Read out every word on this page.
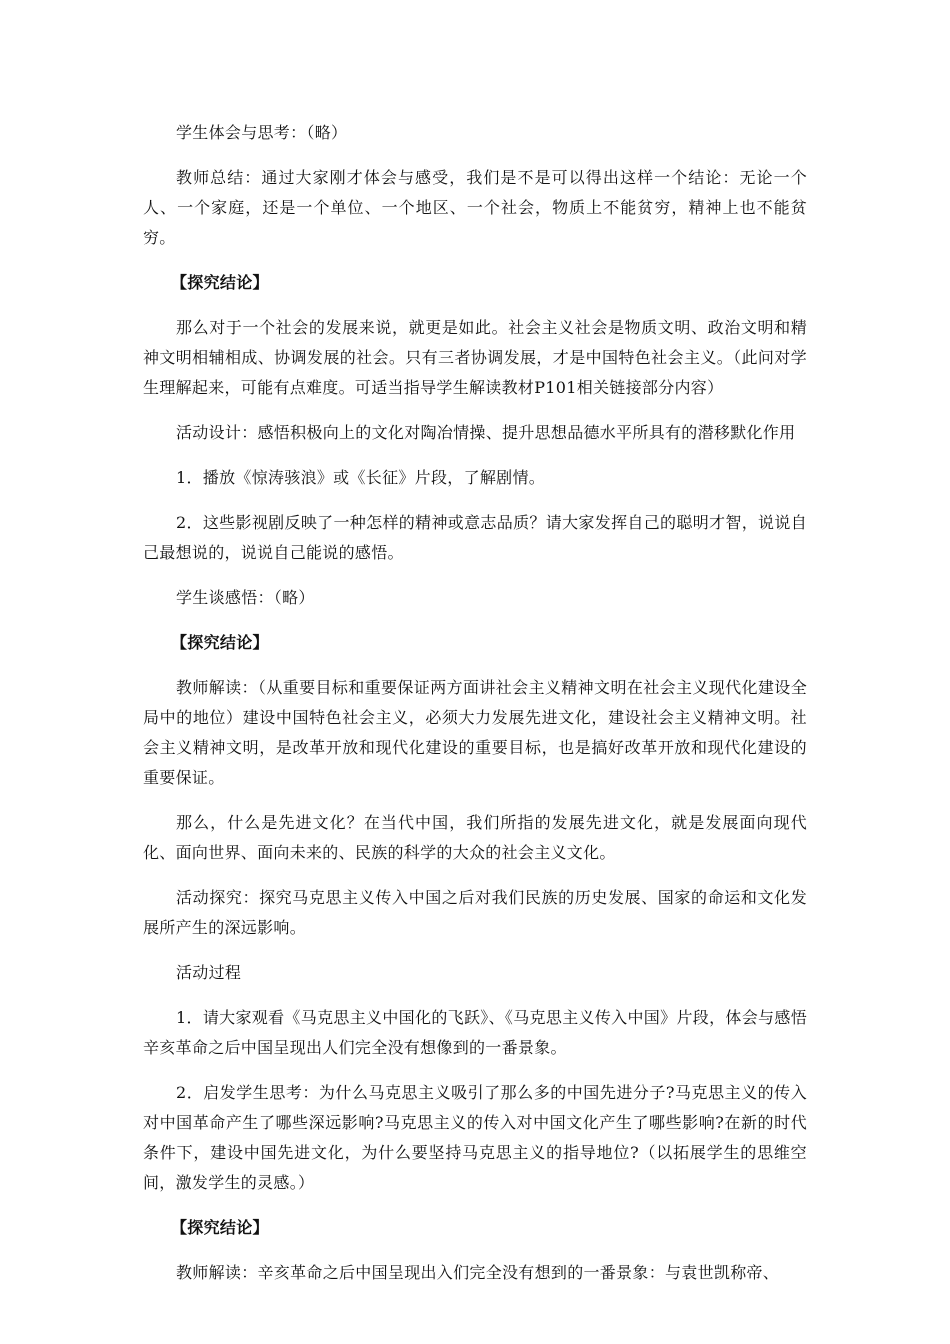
学生体会与思考：（略）

教师总结：通过大家刚才体会与感受，我们是不是可以得出这样一个结论：无论一个人、一个家庭，还是一个单位、一个地区、一个社会，物质上不能贫穷，精神上也不能贫穷。

【探究结论】

那么对于一个社会的发展来说，就更是如此。社会主义社会是物质文明、政治文明和精神文明相辅相成、协调发展的社会。只有三者协调发展，才是中国特色社会主义。（此问对学生理解起来，可能有点难度。可适当指导学生解读教材P101相关链接部分内容）

活动设计：感悟积极向上的文化对陶冶情操、提升思想品德水平所具有的潜移默化作用

1．播放《惊涛骇浪》或《长征》片段，了解剧情。

2．这些影视剧反映了一种怎样的精神或意志品质？请大家发挥自己的聪明才智，说说自己最想说的，说说自己能说的感悟。

学生谈感悟：（略）

【探究结论】

教师解读：（从重要目标和重要保证两方面讲社会主义精神文明在社会主义现代化建设全局中的地位）建设中国特色社会主义，必须大力发展先进文化，建设社会主义精神文明。社会主义精神文明，是改革开放和现代化建设的重要目标，也是搞好改革开放和现代化建设的重要保证。

那么，什么是先进文化？在当代中国，我们所指的发展先进文化，就是发展面向现代化、面向世界、面向未来的、民族的科学的大众的社会主义文化。

活动探究：探究马克思主义传入中国之后对我们民族的历史发展、国家的命运和文化发展所产生的深远影响。

活动过程

1．请大家观看《马克思主义中国化的飞跃》、《马克思主义传入中国》片段，体会与感悟辛亥革命之后中国呈现出人们完全没有想像到的一番景象。

2．启发学生思考：为什么马克思主义吸引了那么多的中国先进分子?马克思主义的传入对中国革命产生了哪些深远影响?马克思主义的传入对中国文化产生了哪些影响?在新的时代条件下，建设中国先进文化，为什么要坚持马克思主义的指导地位?（以拓展学生的思维空间，激发学生的灵感。）

【探究结论】

教师解读：辛亥革命之后中国呈现出入们完全没有想到的一番景象：与袁世凯称帝、
